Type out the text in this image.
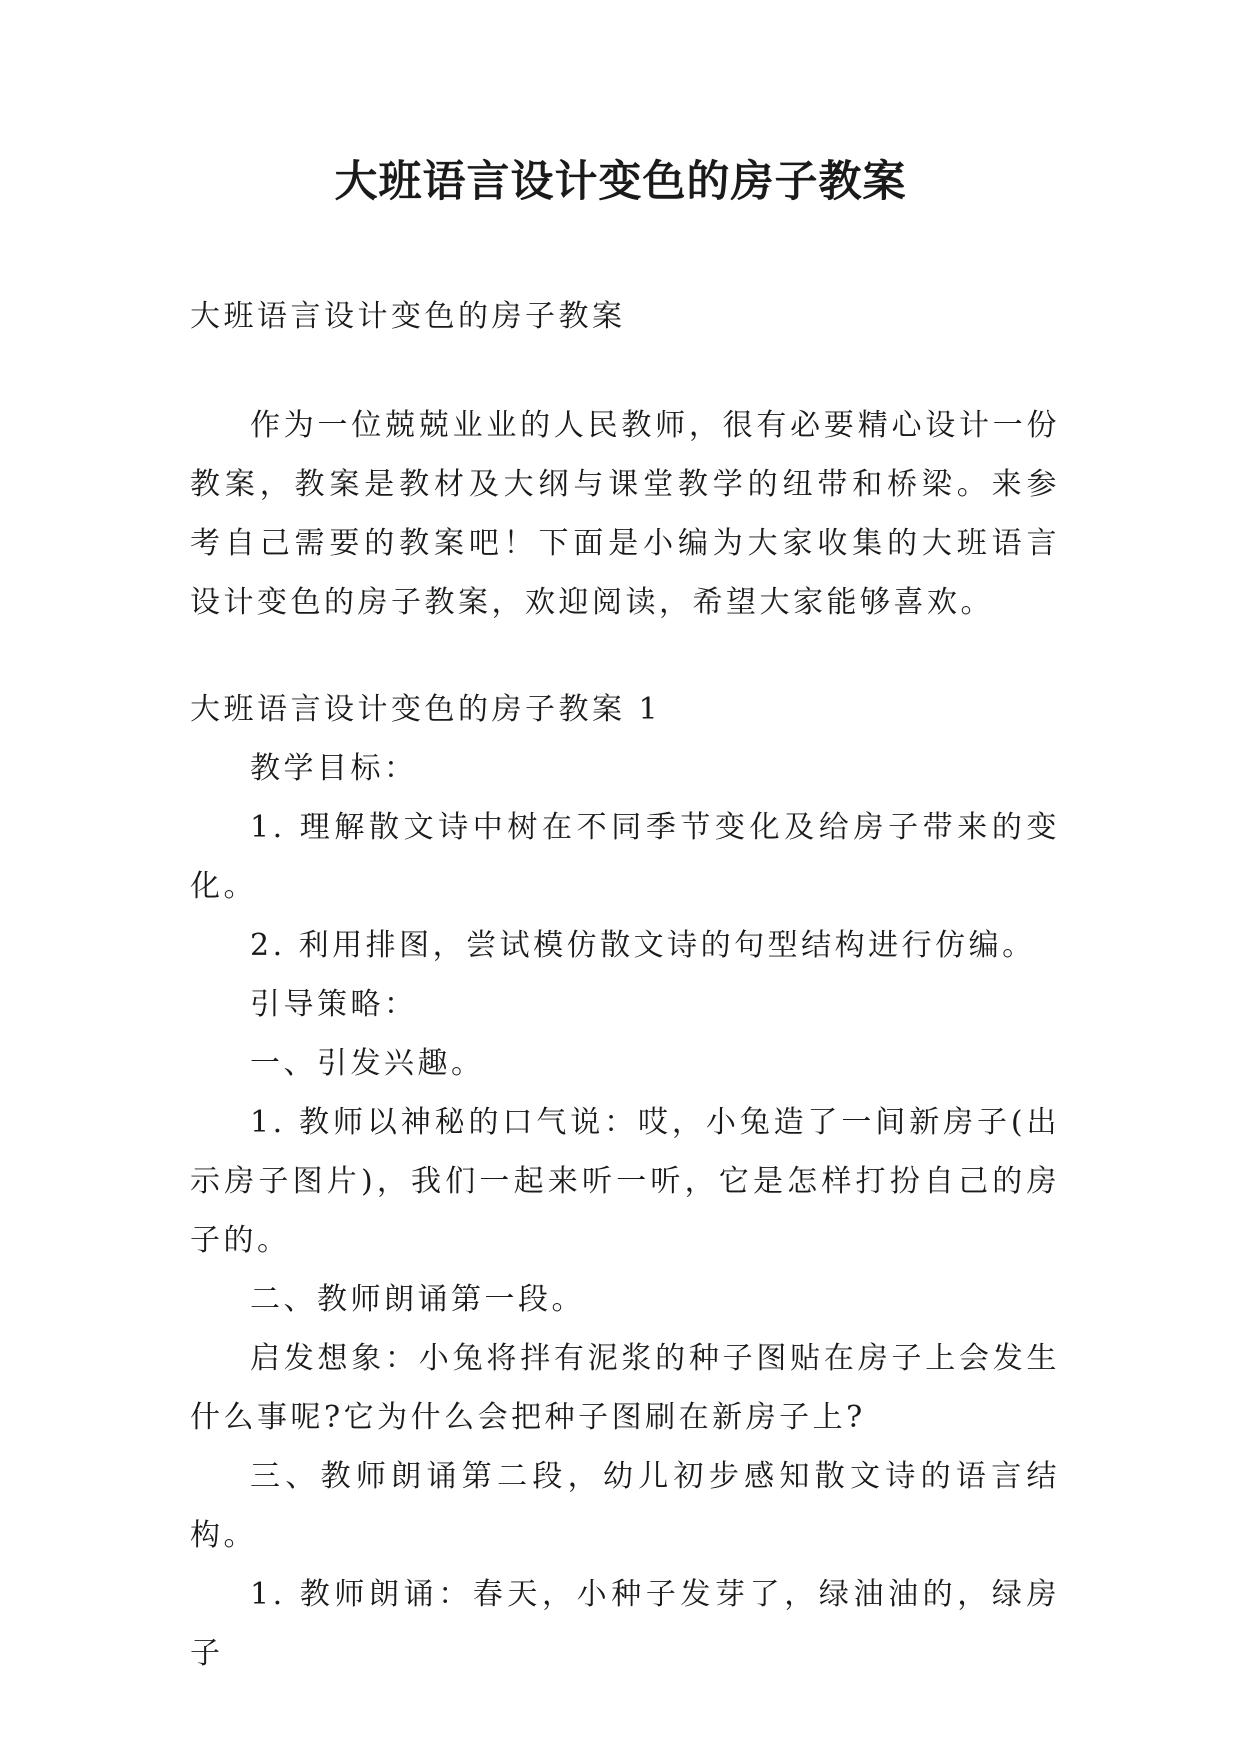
大班语言设计变色的房子教案

大班语言设计变色的房子教案

作为一位兢兢业业的人民教师，很有必要精心设计一份教案，教案是教材及大纲与课堂教学的纽带和桥梁。来参考自己需要的教案吧！下面是小编为大家收集的大班语言设计变色的房子教案，欢迎阅读，希望大家能够喜欢。

大班语言设计变色的房子教案 1

教学目标：

1. 理解散文诗中树在不同季节变化及给房子带来的变化。

2. 利用排图，尝试模仿散文诗的句型结构进行仿编。

引导策略：

一、引发兴趣。

1. 教师以神秘的口气说：哎，小兔造了一间新房子(出示房子图片)，我们一起来听一听，它是怎样打扮自己的房子的。

二、教师朗诵第一段。

启发想象：小兔将拌有泥浆的种子图贴在房子上会发生什么事呢?它为什么会把种子图刷在新房子上?

三、教师朗诵第二段，幼儿初步感知散文诗的语言结构。

1. 教师朗诵：春天，小种子发芽了，绿油油的，绿房子
